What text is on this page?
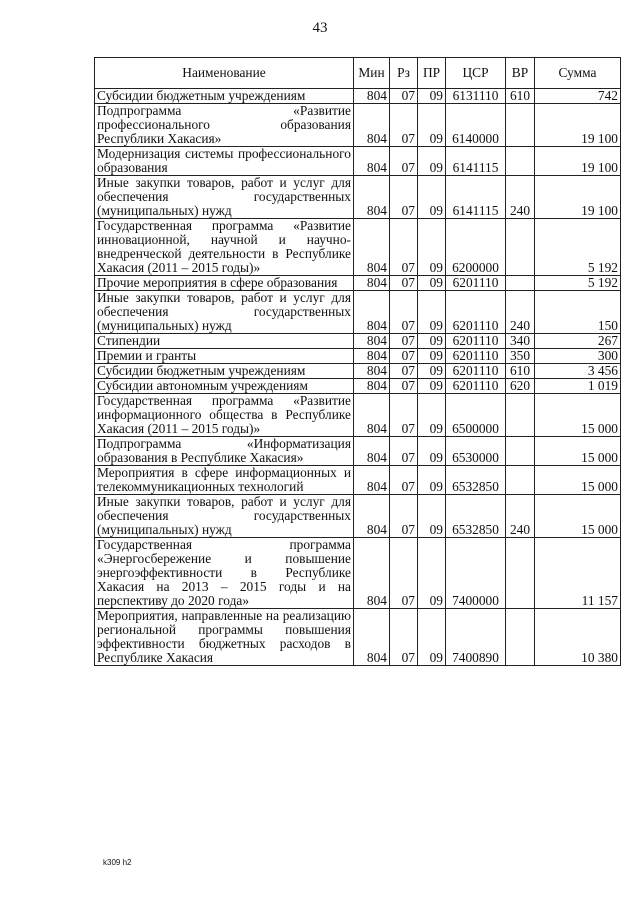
43
Наименование	Мин	Рз	ПР	ЦСР	ВР	Сумма
Субсидии бюджетным учреждениям	804	07	09	6131110	610	742
Подпрограмма «Развитие профессионального образования Республики Хакасия»	804	07	09	6140000		19 100
Модернизация системы профессионального образования	804	07	09	6141115		19 100
Иные закупки товаров, работ и услуг для обеспечения государственных (муниципальных) нужд	804	07	09	6141115	240	19 100
Государственная программа «Развитие инновационной, научной и научно-внедренческой деятельности в Республике Хакасия (2011 – 2015 годы)»	804	07	09	6200000		5 192
Прочие мероприятия в сфере образования	804	07	09	6201110		5 192
Иные закупки товаров, работ и услуг для обеспечения государственных (муниципальных) нужд	804	07	09	6201110	240	150
Стипендии	804	07	09	6201110	340	267
Премии и гранты	804	07	09	6201110	350	300
Субсидии бюджетным учреждениям	804	07	09	6201110	610	3 456
Субсидии автономным учреждениям	804	07	09	6201110	620	1 019
Государственная программа «Развитие информационного общества в Республике Хакасия (2011 – 2015 годы)»	804	07	09	6500000		15 000
Подпрограмма «Информатизация образования в Республике Хакасия»	804	07	09	6530000		15 000
Мероприятия в сфере информационных и телекоммуникационных технологий	804	07	09	6532850		15 000
Иные закупки товаров, работ и услуг для обеспечения государственных (муниципальных) нужд	804	07	09	6532850	240	15 000
Государственная программа «Энергосбережение и повышение энергоэффективности в Республике Хакасия на 2013 – 2015 годы и на перспективу до 2020 года»	804	07	09	7400000		11 157
Мероприятия, направленные на реализацию региональной программы повышения эффективности бюджетных расходов в Республике Хакасия	804	07	09	7400890		10 380
k309 h2
